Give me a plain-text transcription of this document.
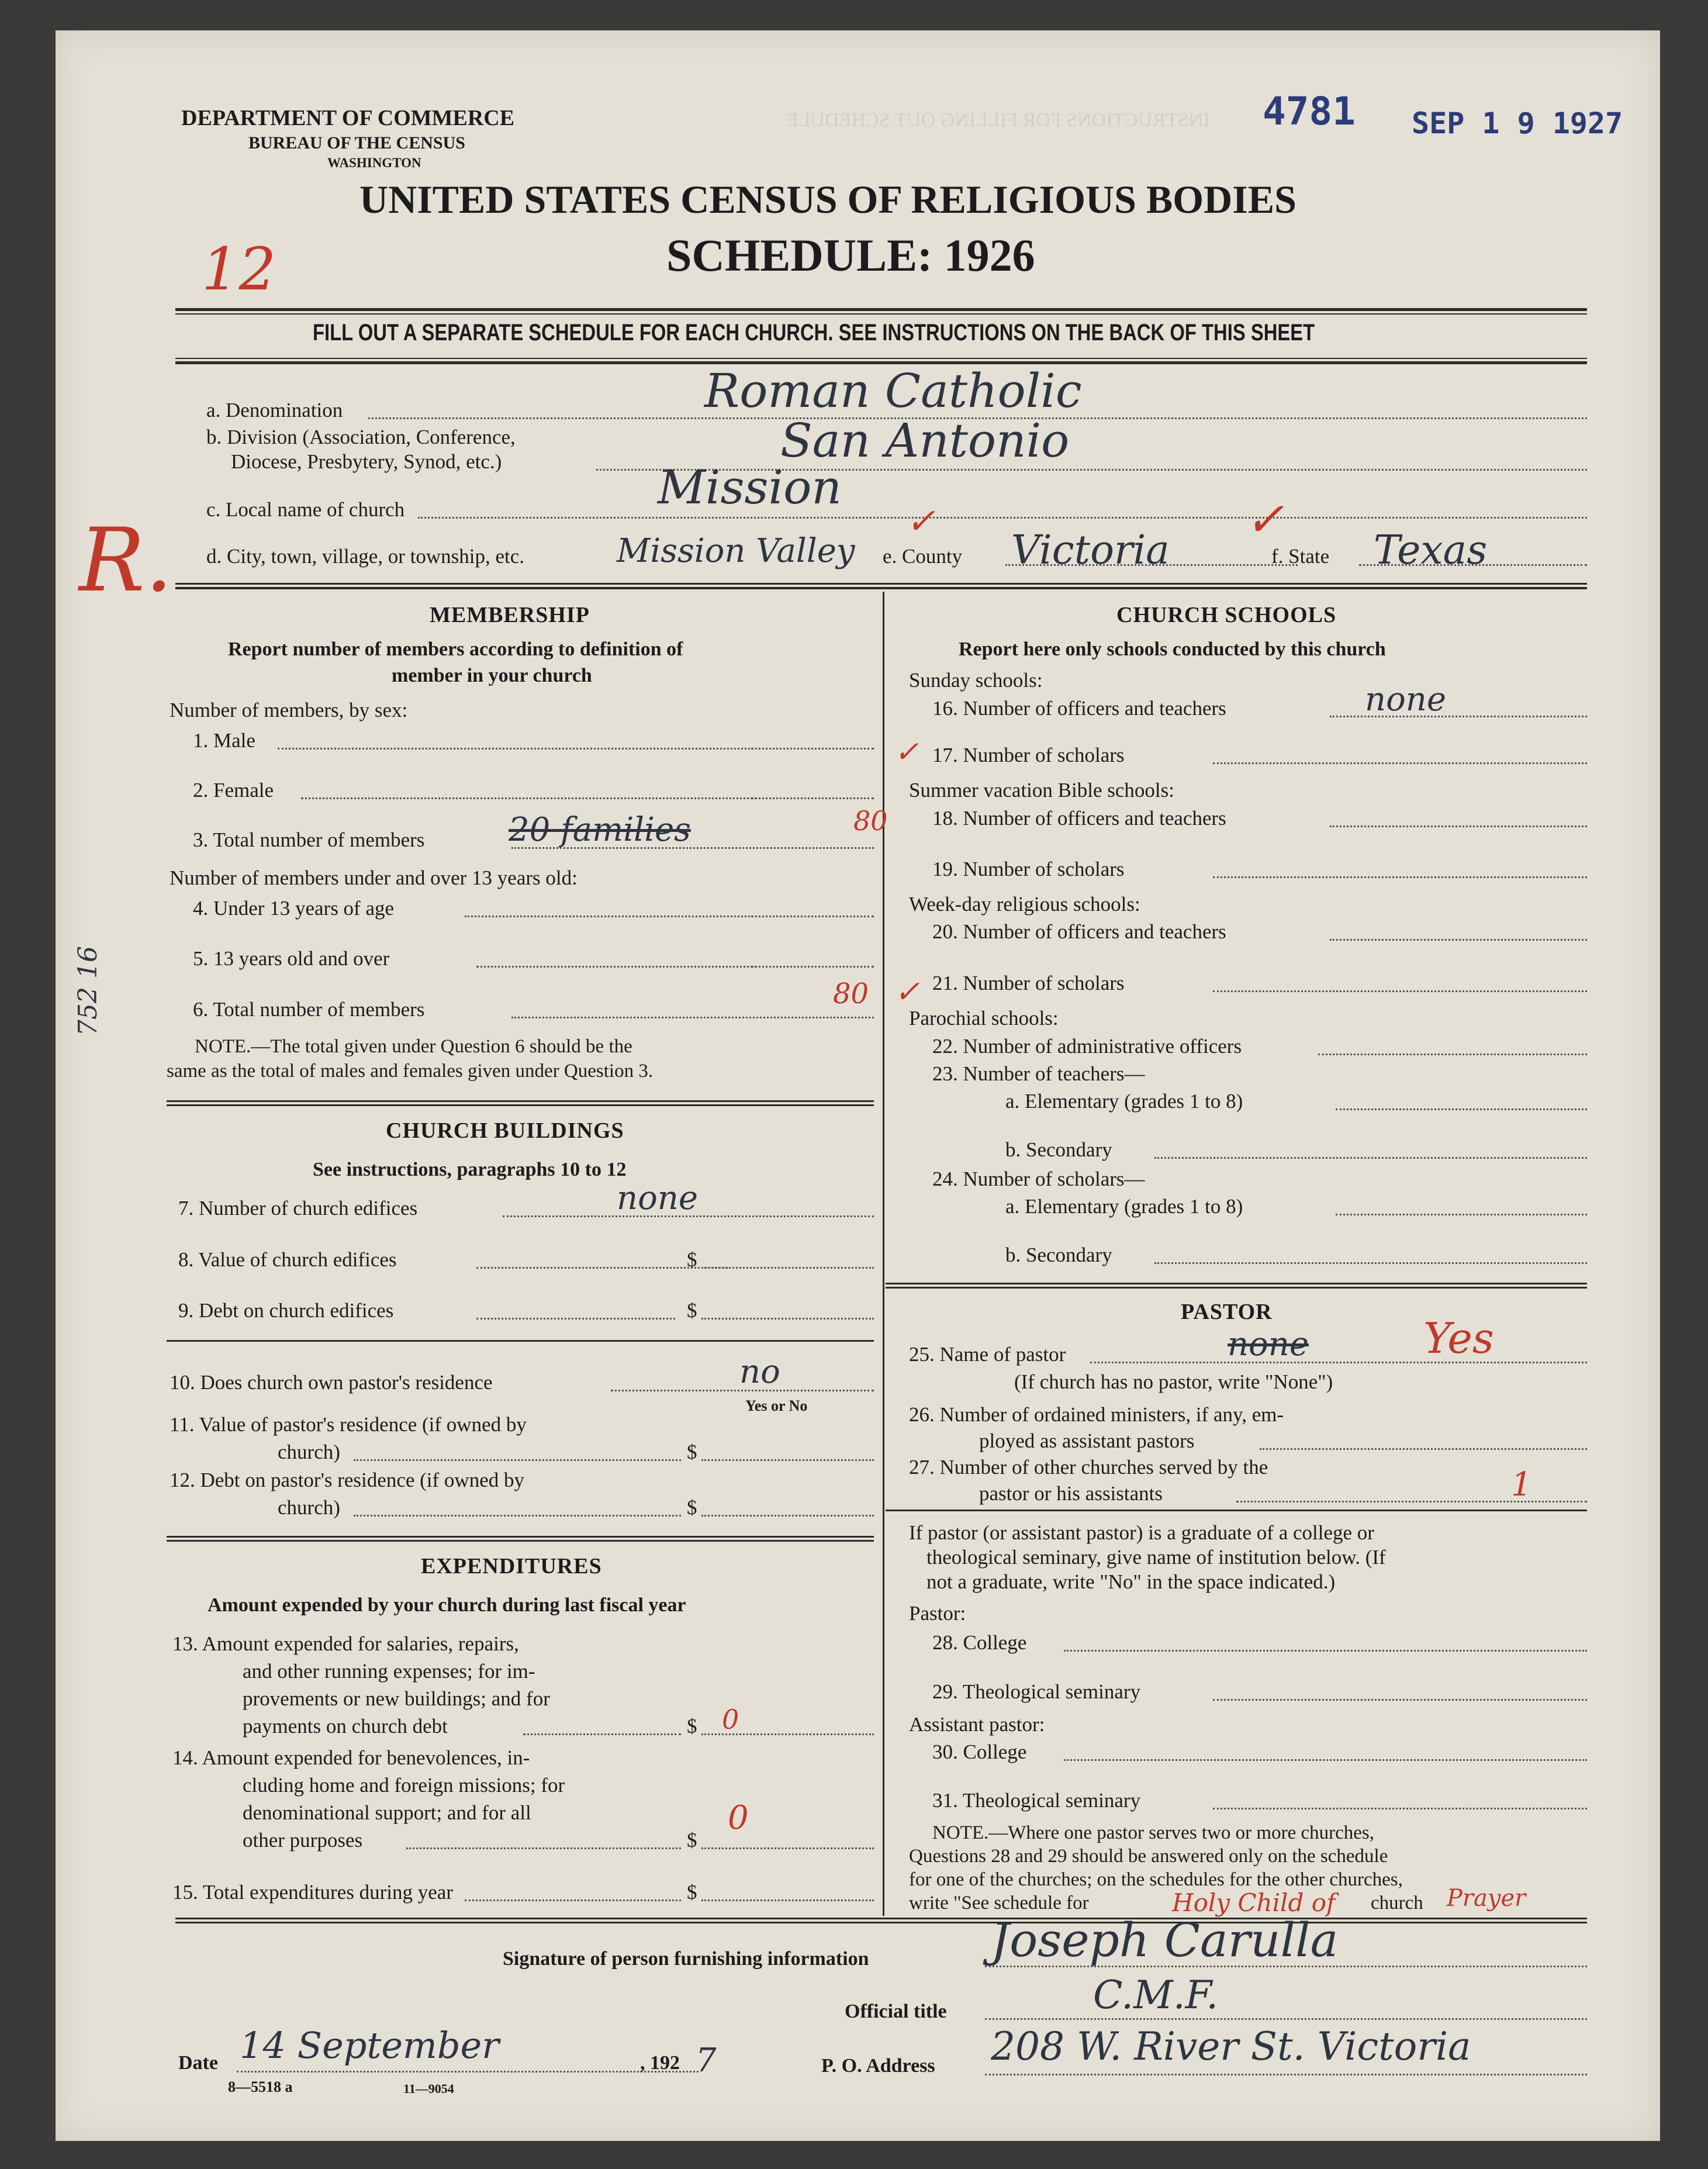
INSTRUCTIONS FOR FILLING OUT SCHEDULE
DEPARTMENT OF COMMERCE
BUREAU OF THE CENSUS
WASHINGTON
4781 SEP 1 9 1927
UNITED STATES CENSUS OF RELIGIOUS BODIES
SCHEDULE: 1926
12
R.
752 16
FILL OUT A SEPARATE SCHEDULE FOR EACH CHURCH. SEE INSTRUCTIONS ON THE BACK OF THIS SHEET
a. Denomination	Roman Catholic
b. Division (Association, Conference,
Diocese, Presbytery, Synod, etc.)	San Antonio
c. Local name of church	Mission
d. City, town, village, or township, etc.	Mission Valley e. County Victoria	f. State Texas
✓	✓
MEMBERSHIP
Report number of members according to definition of
member in your church
Number of members, by sex:
1. Male
2. Female
3. Total number of members	20 families	80
Number of members under and over 13 years old:
4. Under 13 years of age
5. 13 years old and over
6. Total number of members	80 ✓
NOTE.—The total given under Question 6 should be the
same as the total of males and females given under Question 3.
CHURCH BUILDINGS
See instructions, paragraphs 10 to 12
7. Number of church edifices	none
8. Value of church edifices	$
9. Debt on church edifices	$
10. Does church own pastor's residence	no
Yes or No
11. Value of pastor's residence (if owned by
church)	$
12. Debt on pastor's residence (if owned by
church)	$
EXPENDITURES
Amount expended by your church during last fiscal year
13. Amount expended for salaries, repairs,
and other running expenses; for im-
provements or new buildings; and for
payments on church debt	$ 0
14. Amount expended for benevolences, in-
cluding home and foreign missions; for
denominational support; and for all
other purposes	$
0
15. Total expenditures during year	$
CHURCH SCHOOLS
Report here only schools conducted by this church
Sunday schools:
16. Number of officers and teachers	none
17. Number of scholars
✓
Summer vacation Bible schools:
18. Number of officers and teachers
19. Number of scholars
Week-day religious schools:
20. Number of officers and teachers
21. Number of scholars
Parochial schools:
22. Number of administrative officers
23. Number of teachers—
a. Elementary (grades 1 to 8)
b. Secondary
24. Number of scholars—
a. Elementary (grades 1 to 8)
b. Secondary
PASTOR
25. Name of pastor	none	Yes
(If church has no pastor, write "None")
26. Number of ordained ministers, if any, em-
ployed as assistant pastors
27. Number of other churches served by the
pastor or his assistants	1
If pastor (or assistant pastor) is a graduate of a college or
theological seminary, give name of institution below. (If
not a graduate, write "No" in the space indicated.)
Pastor:
28. College
29. Theological seminary
Assistant pastor:
30. College
31. Theological seminary
NOTE.—Where one pastor serves two or more churches,
Questions 28 and 29 should be answered only on the schedule
for one of the churches; on the schedules for the other churches,
write "See schedule for	Holy Child of church Prayer
Signature of person furnishing information	Joseph Carulla
Official title	C.M.F.
Date 14 September	, 192 7
8—5518 a	11—9054
P. O. Address 208 W. River St. Victoria
